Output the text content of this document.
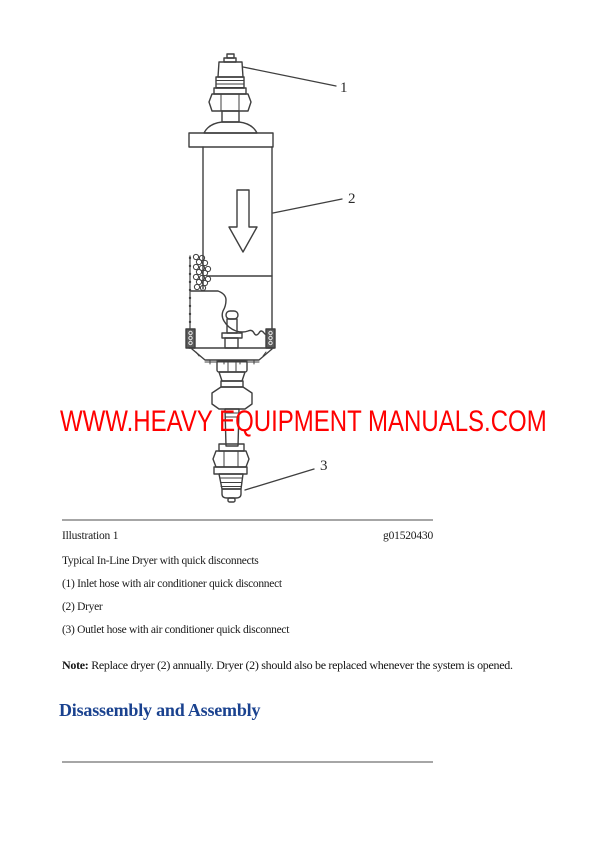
1
2
3
WWW.HEAVY EQUIPMENT MANUALS.COM
Illustration 1	g01520430
Typical In-Line Dryer with quick disconnects
(1) Inlet hose with air conditioner quick disconnect
(2) Dryer
(3) Outlet hose with air conditioner quick disconnect

Note: Replace dryer (2) annually. Dryer (2) should also be replaced whenever the system is opened.

Disassembly and Assembly
